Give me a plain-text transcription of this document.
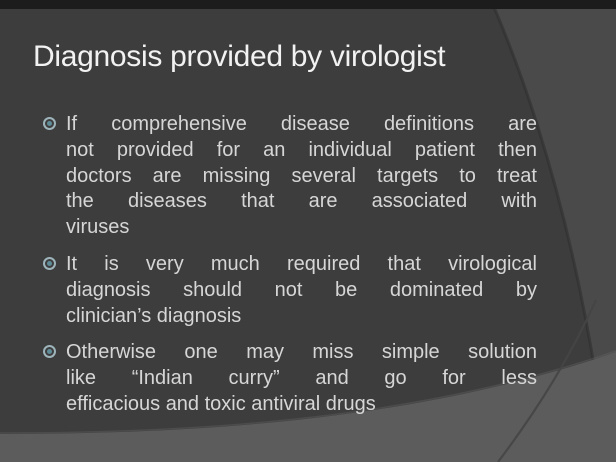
Diagnosis provided by virologist
If comprehensive disease definitions are
not provided for an individual patient then
doctors are missing several targets to treat
the diseases that are associated with
viruses
It is very much required that virological
diagnosis should not be dominated by
clinician’s diagnosis
Otherwise one may miss simple solution
like “Indian curry” and go for less
efficacious and toxic antiviral drugs
